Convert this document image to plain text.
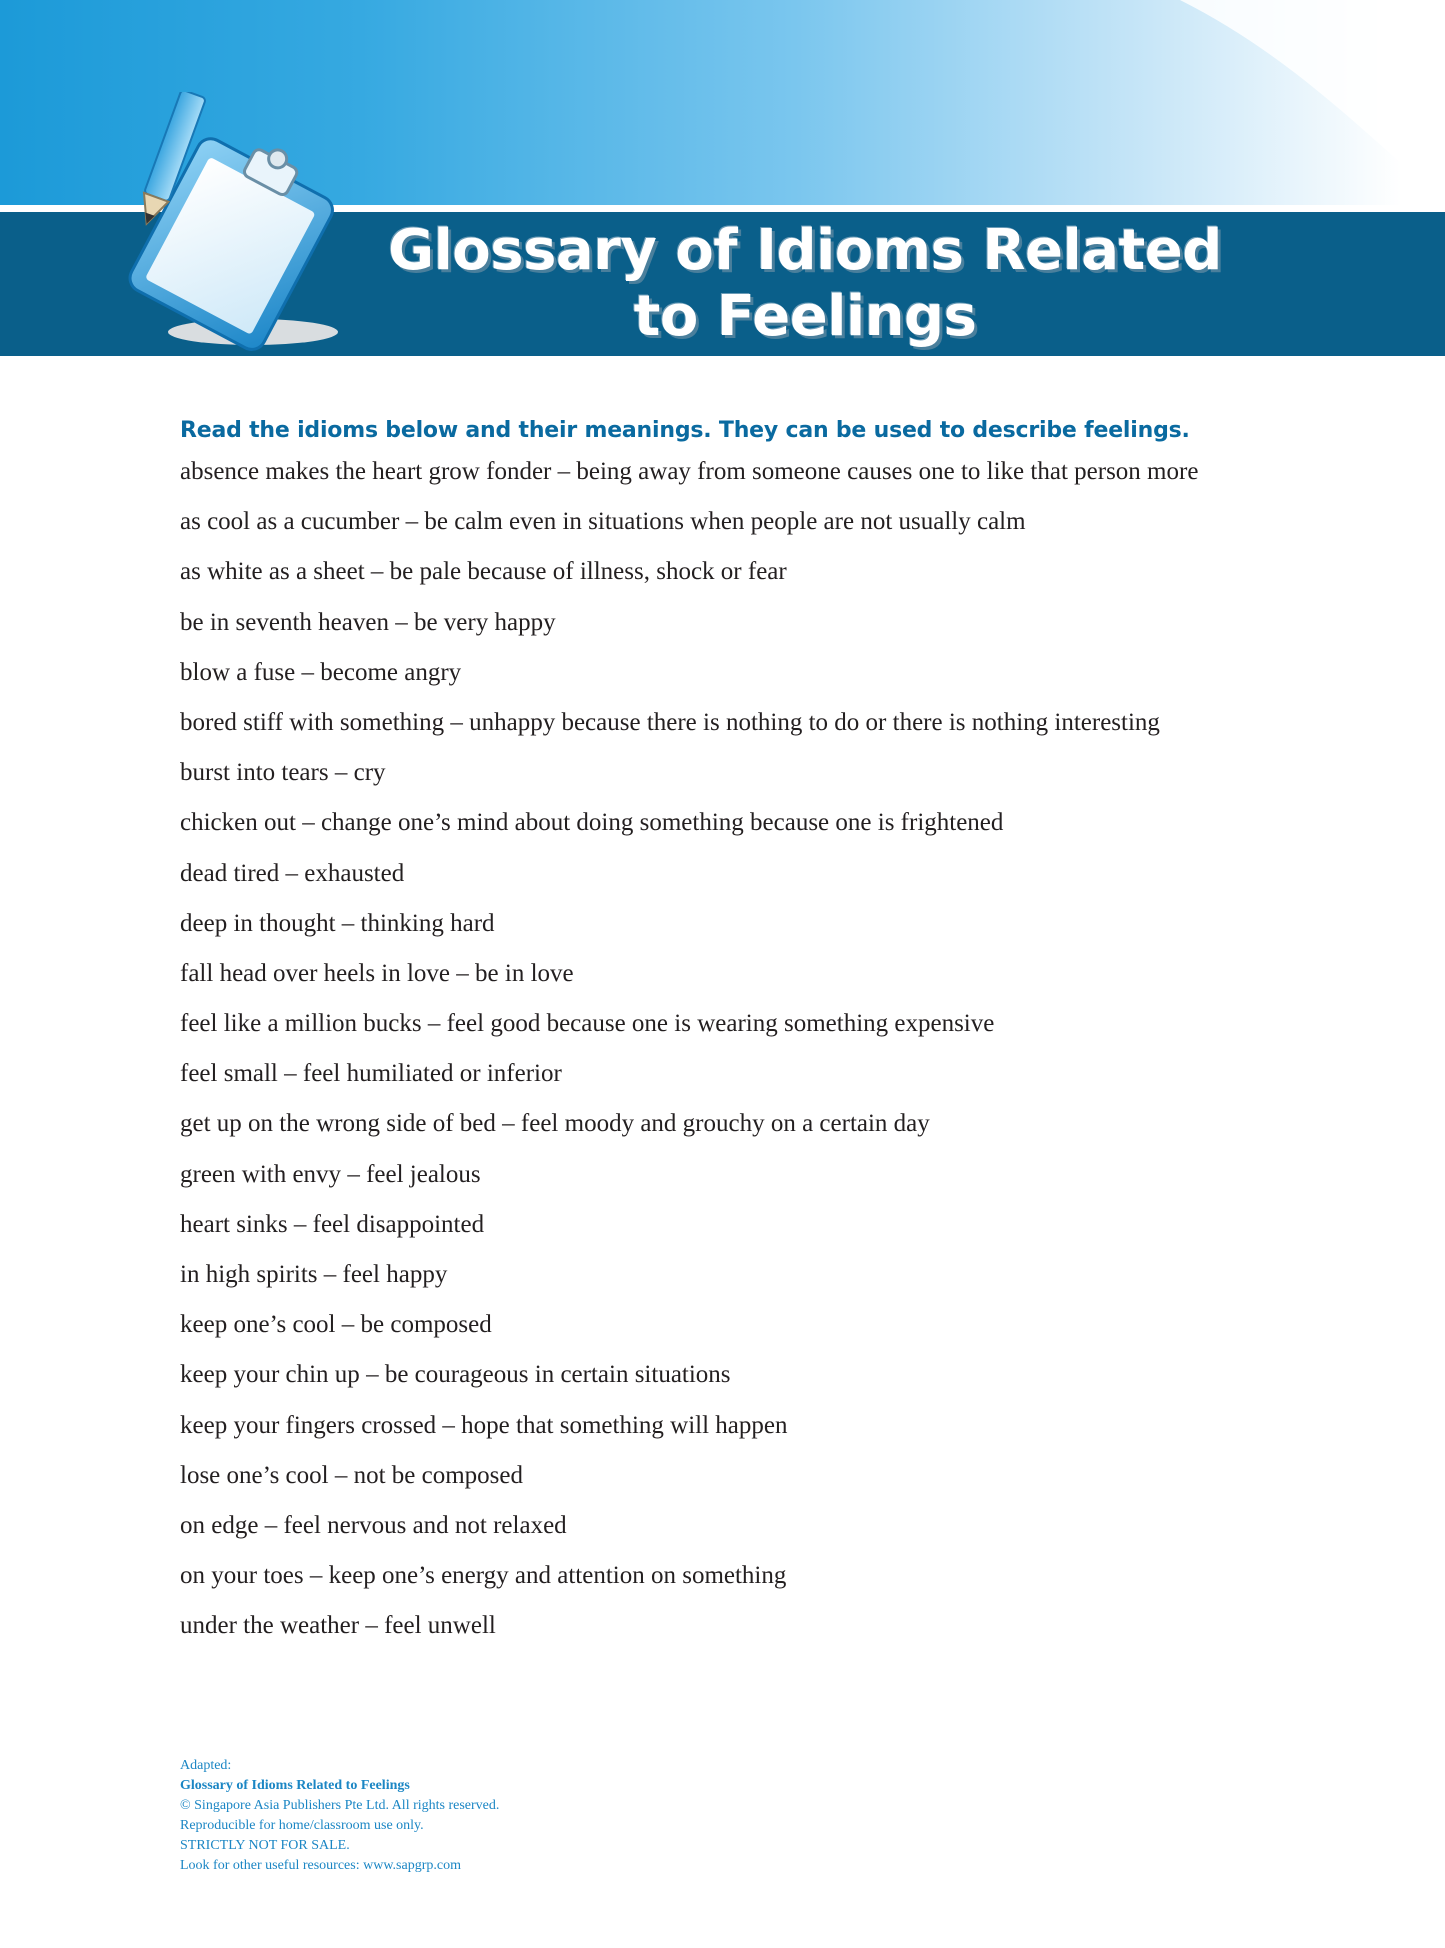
Glossary of Idioms Related
to Feelings

Read the idioms below and their meanings. They can be used to describe feelings.

absence makes the heart grow fonder – being away from someone causes one to like that person more
as cool as a cucumber – be calm even in situations when people are not usually calm
as white as a sheet – be pale because of illness, shock or fear
be in seventh heaven – be very happy
blow a fuse – become angry
bored stiff with something – unhappy because there is nothing to do or there is nothing interesting
burst into tears – cry
chicken out – change one’s mind about doing something because one is frightened
dead tired – exhausted
deep in thought – thinking hard
fall head over heels in love – be in love
feel like a million bucks – feel good because one is wearing something expensive
feel small – feel humiliated or inferior
get up on the wrong side of bed – feel moody and grouchy on a certain day
green with envy – feel jealous
heart sinks – feel disappointed
in high spirits – feel happy
keep one’s cool – be composed
keep your chin up – be courageous in certain situations
keep your fingers crossed – hope that something will happen
lose one’s cool – not be composed
on edge – feel nervous and not relaxed
on your toes – keep one’s energy and attention on something
under the weather – feel unwell
Adapted:
Glossary of Idioms Related to Feelings
© Singapore Asia Publishers Pte Ltd. All rights reserved.
Reproducible for home/classroom use only.
STRICTLY NOT FOR SALE.
Look for other useful resources: www.sapgrp.com
